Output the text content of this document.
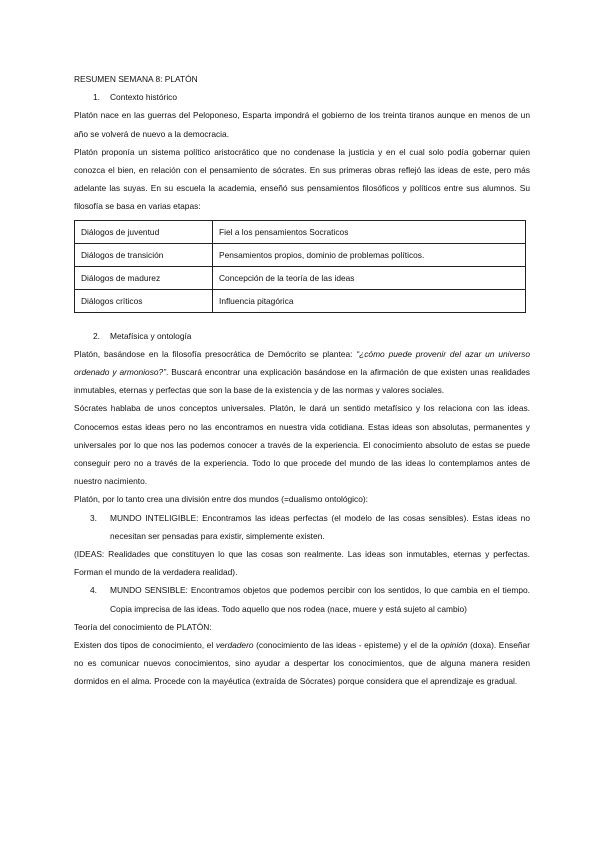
RESUMEN SEMANA 8: PLATÓN

1.	Contexto histórico

Platón nace en las guerras del Peloponeso, Esparta impondrá el gobierno de los treinta tiranos aunque en menos de un año se volverá de nuevo a la democracia.

Platón proponía un sistema político aristocrático que no condenase la justicia y en el cual solo podía gobernar quien conozca el bien, en relación con el pensamiento de sócrates. En sus primeras obras reflejó las ideas de este, pero más adelante las suyas. En su escuela la academia, enseñó sus pensamientos filosóficos y políticos entre sus alumnos. Su filosofía se basa en varias etapas:

Diálogos de juventud	Fiel a los pensamientos Socraticos
Diálogos de transición	Pensamientos propios, dominio de problemas políticos.
Diálogos de madurez	Concepción de la teoría de las ideas
Diálogos críticos	Influencia pitagórica
2.	Metafísica y ontología

Platón, basándose en la filosofía presocrática de Demócrito se plantea: “¿cómo puede provenir del azar un universo ordenado y armonioso?”. Buscará encontrar una explicación basándose en la afirmación de que existen unas realidades inmutables, eternas y perfectas que son la base de la existencia y de las normas y valores sociales.

Sócrates hablaba de unos conceptos universales. Platón, le dará un sentido metafísico y los relaciona con las ideas. Conocemos estas ideas pero no las encontramos en nuestra vida cotidiana. Estas ideas son absolutas, permanentes y universales por lo que nos las podemos conocer a través de la experiencia. El conocimiento absoluto de estas se puede conseguir pero no a través de la experiencia. Todo lo que procede del mundo de las ideas lo contemplamos antes de nuestro nacimiento.

Platón, por lo tanto crea una división entre dos mundos (=dualismo ontológico):

3.	MUNDO INTELIGIBLE: Encontramos las ideas perfectas (el modelo de las cosas sensibles). Estas ideas no necesitan ser pensadas para existir, simplemente existen.

(IDEAS: Realidades que constituyen lo que las cosas son realmente. Las ideas son inmutables, eternas y perfectas. Forman el mundo de la verdadera realidad).

4.	MUNDO SENSIBLE: Encontramos objetos que podemos percibir con los sentidos, lo que cambia en el tiempo. Copia imprecisa de las ideas. Todo aquello que nos rodea (nace, muere y está sujeto al cambio)

Teoría del conocimiento de PLATÓN:

Existen dos tipos de conocimiento, el verdadero (conocimiento de las ideas - episteme) y el de la opinión (doxa). Enseñar no es comunicar nuevos conocimientos, sino ayudar a despertar los conocimientos, que de alguna manera residen dormidos en el alma. Procede con la mayéutica (extraída de Sócrates) porque considera que el aprendizaje es gradual.
